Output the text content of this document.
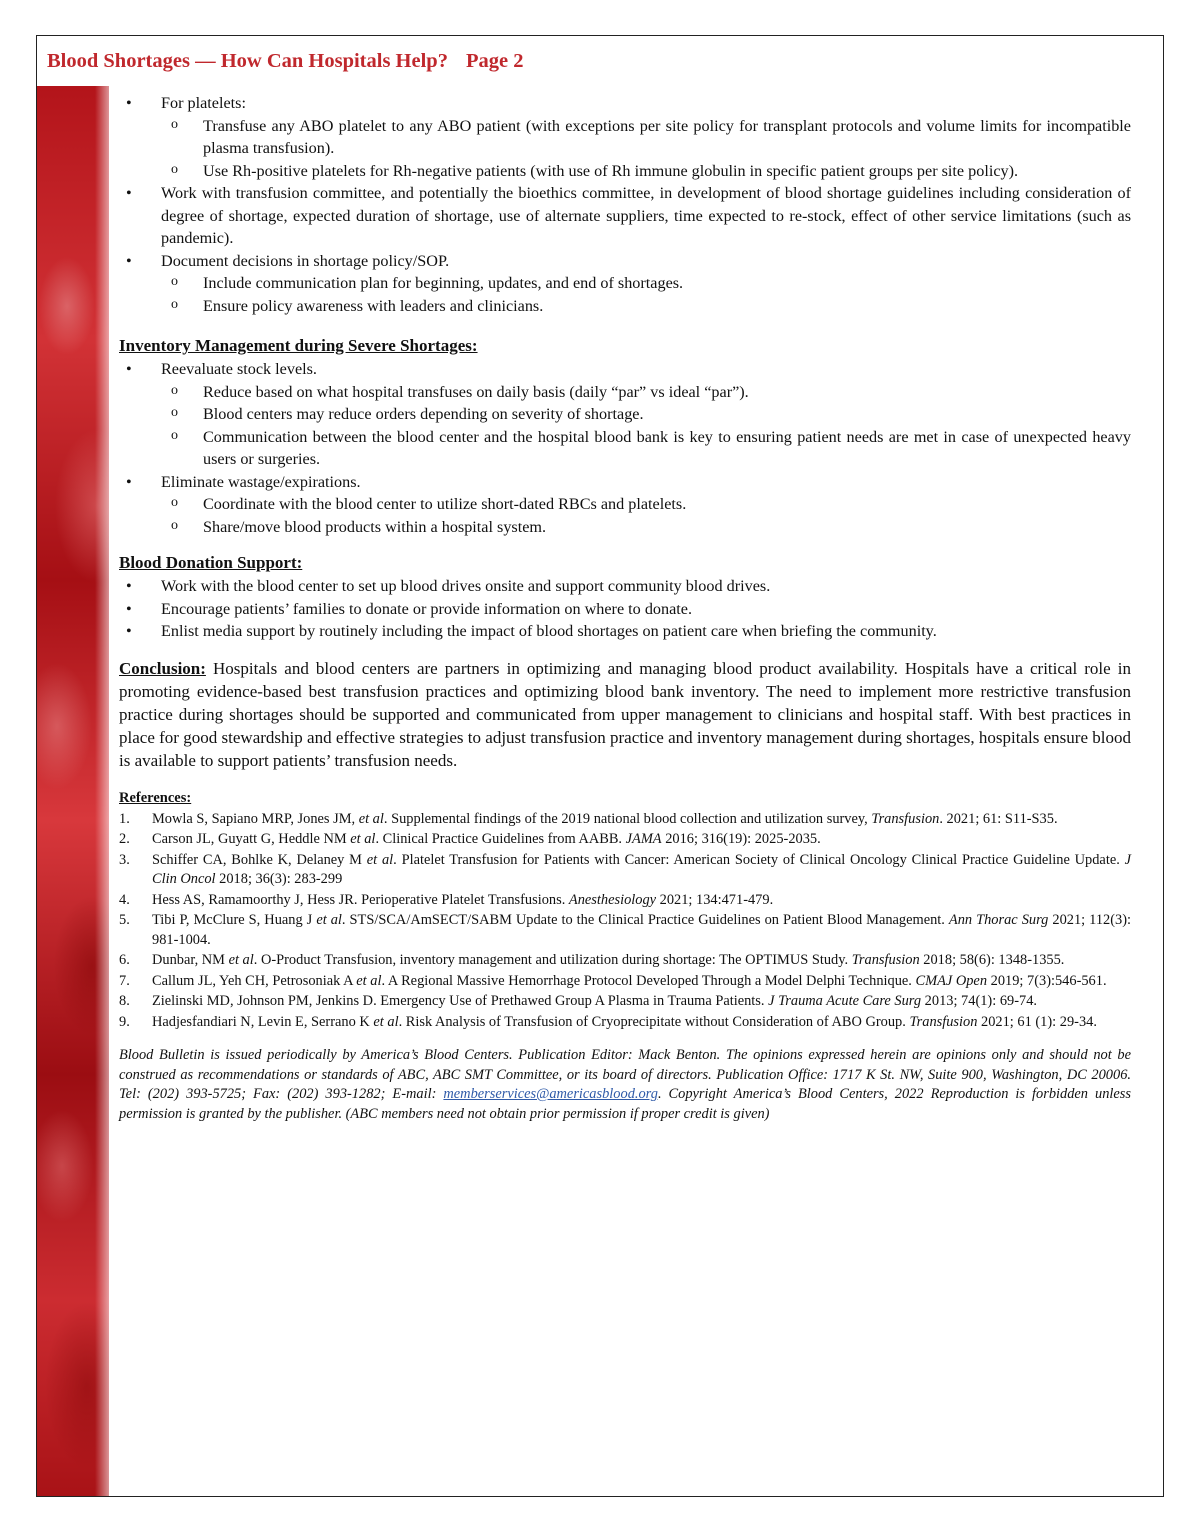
Blood Shortages — How Can Hospitals Help? Page 2
• For platelets:
o Transfuse any ABO platelet to any ABO patient (with exceptions per site policy for transplant protocols and volume limits for incompatible plasma transfusion).
o Use Rh-positive platelets for Rh-negative patients (with use of Rh immune globulin in specific patient groups per site policy).
• Work with transfusion committee, and potentially the bioethics committee, in development of blood shortage guidelines including consideration of degree of shortage, expected duration of shortage, use of alternate suppliers, time expected to re-stock, effect of other service limitations (such as pandemic).
• Document decisions in shortage policy/SOP.
o Include communication plan for beginning, updates, and end of shortages.
o Ensure policy awareness with leaders and clinicians.
Inventory Management during Severe Shortages:
• Reevaluate stock levels.
o Reduce based on what hospital transfuses on daily basis (daily “par” vs ideal “par”).
o Blood centers may reduce orders depending on severity of shortage.
o Communication between the blood center and the hospital blood bank is key to ensuring patient needs are met in case of unexpected heavy users or surgeries.
• Eliminate wastage/expirations.
o Coordinate with the blood center to utilize short-dated RBCs and platelets.
o Share/move blood products within a hospital system.
Blood Donation Support:
• Work with the blood center to set up blood drives onsite and support community blood drives.
• Encourage patients’ families to donate or provide information on where to donate.
• Enlist media support by routinely including the impact of blood shortages on patient care when briefing the community.

Conclusion: Hospitals and blood centers are partners in optimizing and managing blood product availability. Hospitals have a critical role in promoting evidence-based best transfusion practices and optimizing blood bank inventory. The need to implement more restrictive transfusion practice during shortages should be supported and communicated from upper management to clinicians and hospital staff. With best practices in place for good stewardship and effective strategies to adjust transfusion practice and inventory management during shortages, hospitals ensure blood is available to support patients’ transfusion needs.

References:
1. Mowla S, Sapiano MRP, Jones JM, et al. Supplemental findings of the 2019 national blood collection and utilization survey, Transfusion. 2021; 61: S11-S35.
2. Carson JL, Guyatt G, Heddle NM et al. Clinical Practice Guidelines from AABB. JAMA 2016; 316(19): 2025-2035.
3. Schiffer CA, Bohlke K, Delaney M et al. Platelet Transfusion for Patients with Cancer: American Society of Clinical Oncology Clinical Practice Guideline Update. J Clin Oncol 2018; 36(3): 283-299
4. Hess AS, Ramamoorthy J, Hess JR. Perioperative Platelet Transfusions. Anesthesiology 2021; 134:471-479.
5. Tibi P, McClure S, Huang J et al. STS/SCA/AmSECT/SABM Update to the Clinical Practice Guidelines on Patient Blood Management. Ann Thorac Surg 2021; 112(3): 981-1004.
6. Dunbar, NM et al. O-Product Transfusion, inventory management and utilization during shortage: The OPTIMUS Study. Transfusion 2018; 58(6): 1348-1355.
7. Callum JL, Yeh CH, Petrosoniak A et al. A Regional Massive Hemorrhage Protocol Developed Through a Model Delphi Technique. CMAJ Open 2019; 7(3):546-561.
8. Zielinski MD, Johnson PM, Jenkins D. Emergency Use of Prethawed Group A Plasma in Trauma Patients. J Trauma Acute Care Surg 2013; 74(1): 69-74.
9. Hadjesfandiari N, Levin E, Serrano K et al. Risk Analysis of Transfusion of Cryoprecipitate without Consideration of ABO Group. Transfusion 2021; 61 (1): 29-34.

Blood Bulletin is issued periodically by America’s Blood Centers. Publication Editor: Mack Benton. The opinions expressed herein are opinions only and should not be construed as recommendations or standards of ABC, ABC SMT Committee, or its board of directors. Publication Office: 1717 K St. NW, Suite 900, Washington, DC 20006. Tel: (202) 393-5725; Fax: (202) 393-1282; E-mail: memberservices@americasblood.org. Copyright America’s Blood Centers, 2022 Reproduction is forbidden unless permission is granted by the publisher. (ABC members need not obtain prior permission if proper credit is given)
